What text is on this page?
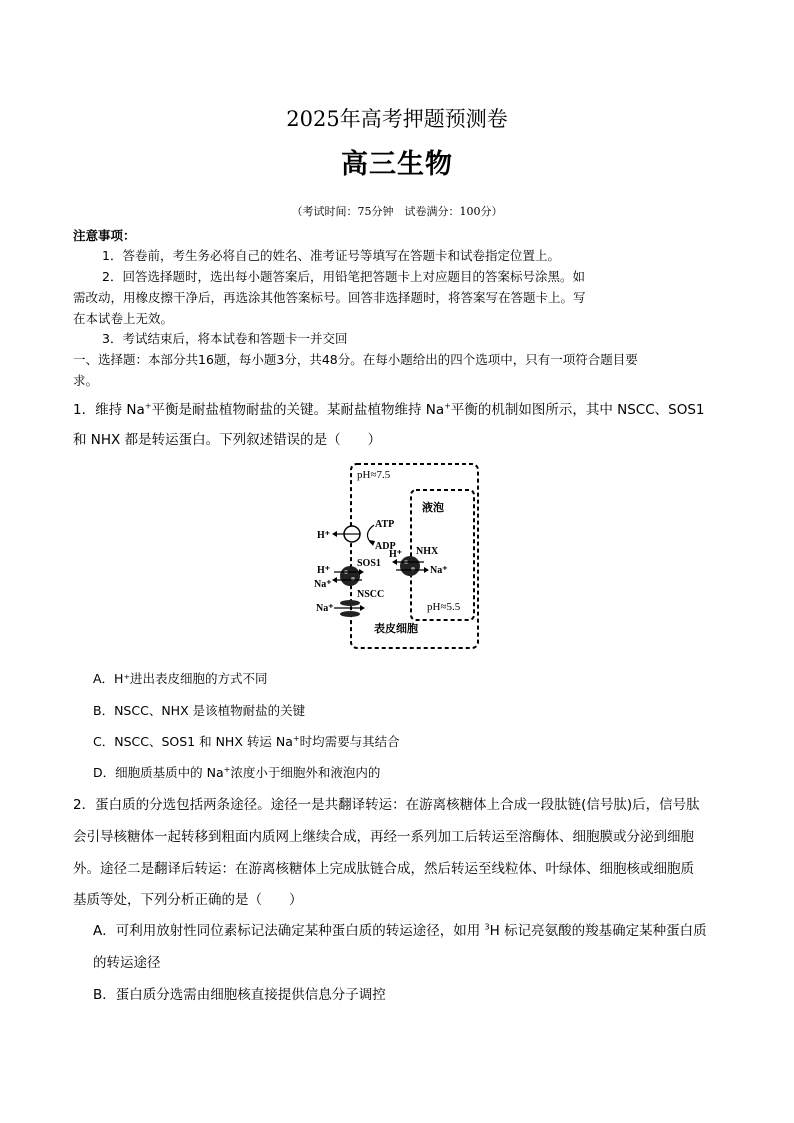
2025年高考押题预测卷
高三生物
（考试时间：75分钟　试卷满分：100分）
注意事项：
1．答卷前，考生务必将自己的姓名、准考证号等填写在答题卡和试卷指定位置上。
2．回答选择题时，选出每小题答案后，用铅笔把答题卡上对应题目的答案标号涂黑。如
需改动，用橡皮擦干净后，再选涂其他答案标号。回答非选择题时，将答案写在答题卡上。写
在本试卷上无效。
3．考试结束后，将本试卷和答题卡一并交回
一、选择题：本部分共16题，每小题3分，共48分。在每小题给出的四个选项中，只有一项符合题目要
求。
1．维持 Na+平衡是耐盐植物耐盐的关键。某耐盐植物维持 Na+平衡的机制如图所示，其中 NSCC、SOS1
和 NHX 都是转运蛋白。下列叙述错误的是（　　）
pH≈7.5
液泡
pH≈5.5
表皮细胞
H⁺
ATP
ADP
SOS1
H⁺
Na⁺
NHX
H⁺
Na⁺
NSCC
Na⁺
A．H⁺进出表皮细胞的方式不同
B．NSCC、NHX 是该植物耐盐的关键
C．NSCC、SOS1 和 NHX 转运 Na+时均需要与其结合
D．细胞质基质中的 Na+浓度小于细胞外和液泡内的
2．蛋白质的分选包括两条途径。途径一是共翻译转运：在游离核糖体上合成一段肽链(信号肽)后，信号肽
会引导核糖体一起转移到粗面内质网上继续合成，再经一系列加工后转运至溶酶体、细胞膜或分泌到细胞
外。途径二是翻译后转运：在游离核糖体上完成肽链合成，然后转运至线粒体、叶绿体、细胞核或细胞质
基质等处，下列分析正确的是（　　）
A．可利用放射性同位素标记法确定某种蛋白质的转运途径，如用 $^3$H 标记亮氨酸的羧基确定某种蛋白质
的转运途径
B．蛋白质分选需由细胞核直接提供信息分子调控
